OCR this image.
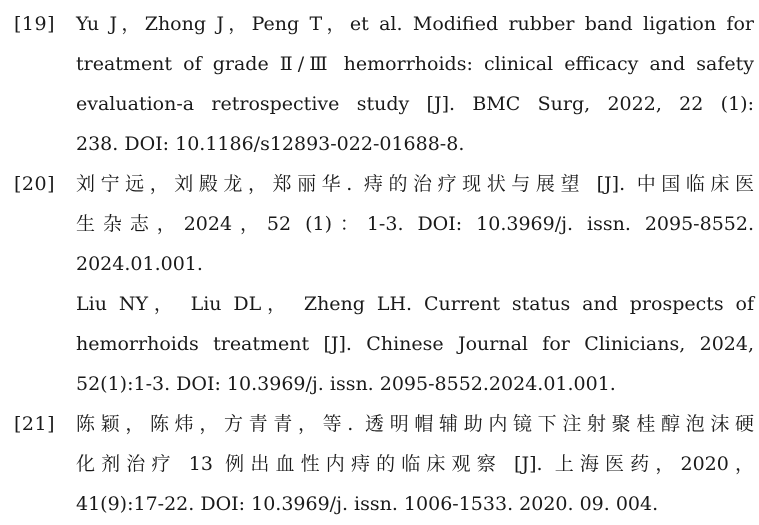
[19] Yu J，Zhong J，Peng T，et al. Modified rubber band ligation for
treatment of grade Ⅱ/Ⅲ hemorrhoids: clinical efficacy and safety
evaluation-a retrospective study [J]. BMC Surg, 2022, 22 (1):
238. DOI: 10.1186/s12893-022-01688-8.
[20] 刘宁远，刘殿龙，郑丽华. 痔的治疗现状与展望 [J]. 中国临床医
生杂志，2024，52 (1)：1-3. DOI: 10.3969/j. issn. 2095-8552.
2024.01.001.
Liu NY， Liu DL， Zheng LH. Current status and prospects of
hemorrhoids treatment [J]. Chinese Journal for Clinicians, 2024,
52(1):1-3. DOI: 10.3969/j. issn. 2095-8552.2024.01.001.
[21] 陈颖，陈炜，方青青，等. 透明帽辅助内镜下注射聚桂醇泡沫硬
化剂治疗 13 例出血性内痔的临床观察 [J]. 上海医药，2020，
41(9):17-22. DOI: 10.3969/j. issn. 1006-1533. 2020. 09. 004.
